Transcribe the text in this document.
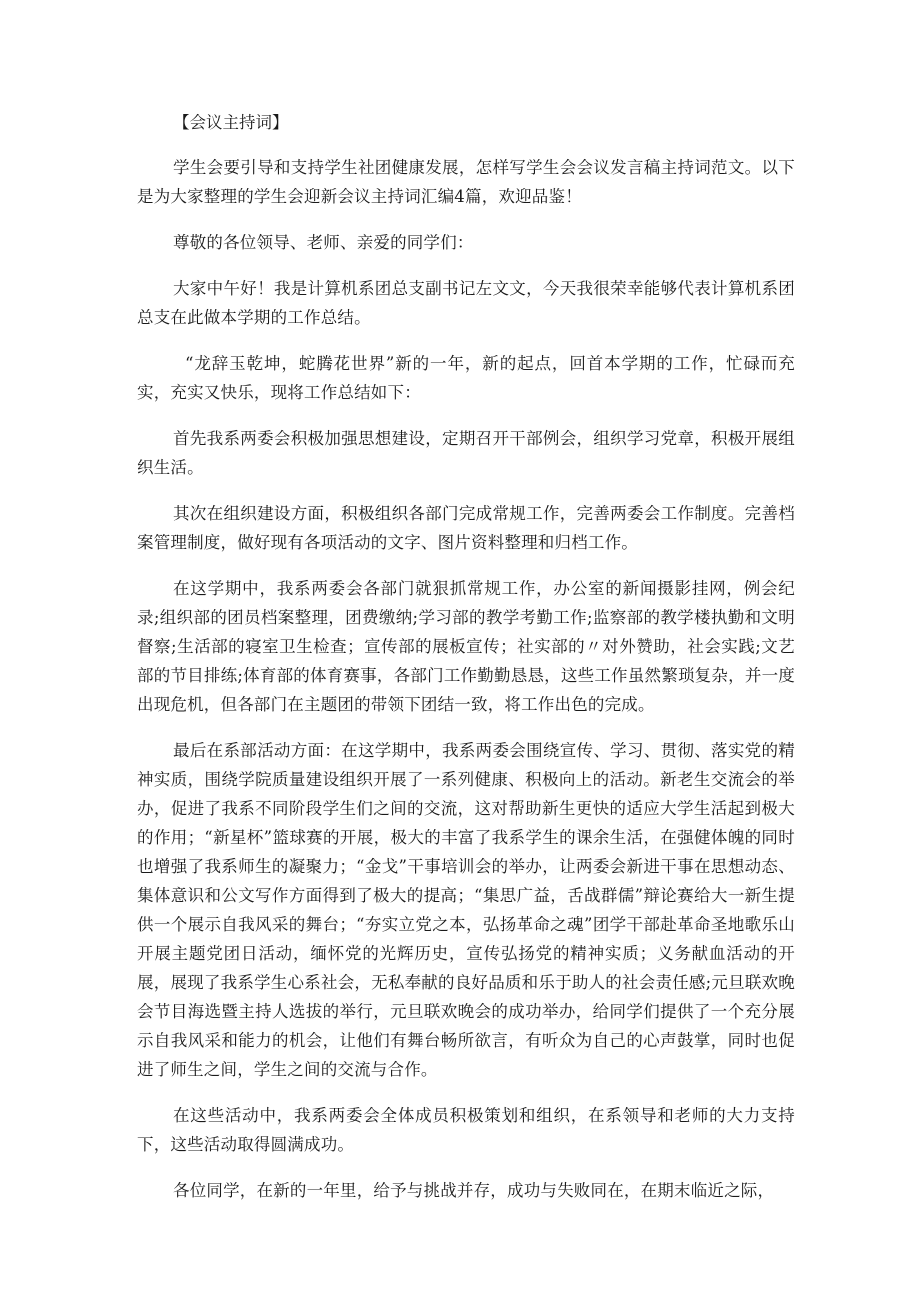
【会议主持词】

学生会要引导和支持学生社团健康发展，怎样写学生会会议发言稿主持词范文。以下是为大家整理的学生会迎新会议主持词汇编4篇，欢迎品鉴！

尊敬的各位领导、老师、亲爱的同学们：

大家中午好！我是计算机系团总支副书记左文文，今天我很荣幸能够代表计算机系团总支在此做本学期的工作总结。

“龙辞玉乾坤，蛇腾花世界”新的一年，新的起点，回首本学期的工作，忙碌而充实，充实又快乐，现将工作总结如下：

首先我系两委会积极加强思想建设，定期召开干部例会，组织学习党章，积极开展组织生活。

其次在组织建设方面，积极组织各部门完成常规工作，完善两委会工作制度。完善档案管理制度，做好现有各项活动的文字、图片资料整理和归档工作。

在这学期中，我系两委会各部门就狠抓常规工作，办公室的新闻摄影挂网，例会纪录;组织部的团员档案整理，团费缴纳;学习部的教学考勤工作;监察部的教学楼执勤和文明督察;生活部的寝室卫生检查；宣传部的展板宣传；社实部的〃对外赞助，社会实践;文艺部的节目排练;体育部的体育赛事，各部门工作勤勤恳恳，这些工作虽然繁琐复杂，并一度出现危机，但各部门在主题团的带领下团结一致，将工作出色的完成。

最后在系部活动方面：在这学期中，我系两委会围绕宣传、学习、贯彻、落实党的精神实质，围绕学院质量建设组织开展了一系列健康、积极向上的活动。新老生交流会的举办，促进了我系不同阶段学生们之间的交流，这对帮助新生更快的适应大学生活起到极大的作用；“新星杯”篮球赛的开展，极大的丰富了我系学生的课余生活，在强健体魄的同时也增强了我系师生的凝聚力；“金戈”干事培训会的举办，让两委会新进干事在思想动态、集体意识和公文写作方面得到了极大的提高；“集思广益，舌战群儒”辩论赛给大一新生提供一个展示自我风采的舞台；“夯实立党之本，弘扬革命之魂”团学干部赴革命圣地歌乐山开展主题党团日活动，缅怀党的光辉历史，宣传弘扬党的精神实质；义务献血活动的开展，展现了我系学生心系社会，无私奉献的良好品质和乐于助人的社会责任感;元旦联欢晚会节目海选暨主持人选拔的举行，元旦联欢晚会的成功举办，给同学们提供了一个充分展示自我风采和能力的机会，让他们有舞台畅所欲言，有听众为自己的心声鼓掌，同时也促进了师生之间，学生之间的交流与合作。

在这些活动中，我系两委会全体成员积极策划和组织，在系领导和老师的大力支持下，这些活动取得圆满成功。

各位同学，在新的一年里，给予与挑战并存，成功与失败同在，在期末临近之际，
